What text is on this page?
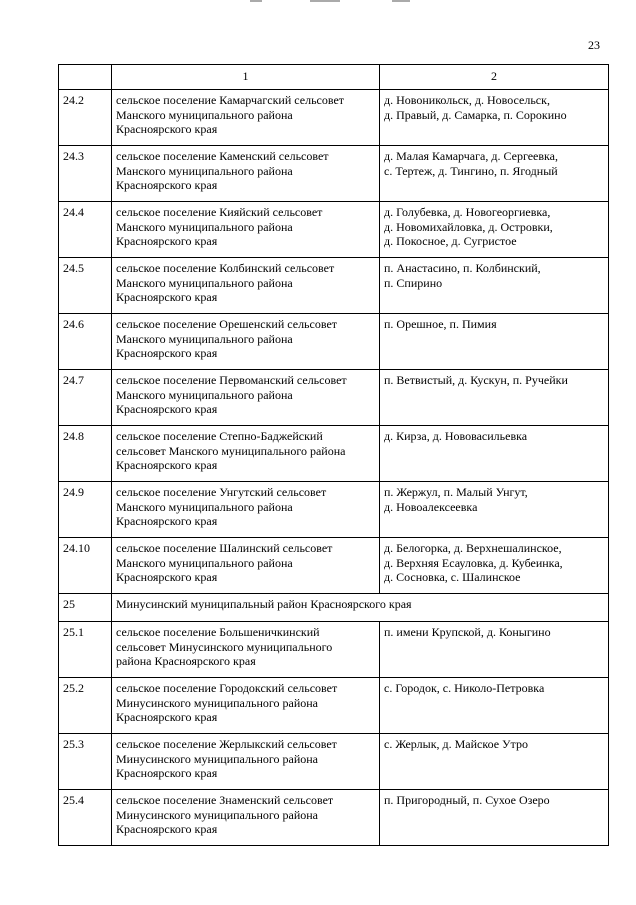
23
	1	2
24.2	сельское поселение Камарчагский сельсовет
Манского муниципального района
Красноярского края	д. Новоникольск, д. Новосельск,
д. Правый, д. Самарка, п. Сорокино

24.3	сельское поселение Каменский сельсовет
Манского муниципального района
Красноярского края	д. Малая Камарчага, д. Сергеевка,
с. Тертеж, д. Тингино, п. Ягодный

24.4	сельское поселение Кияйский сельсовет
Манского муниципального района
Красноярского края	д. Голубевка, д. Новогеоргиевка,
д. Новомихайловка, д. Островки,
д. Покосное, д. Сугристое

24.5	сельское поселение Колбинский сельсовет
Манского муниципального района
Красноярского края	п. Анастасино, п. Колбинский,
п. Спирино

24.6	сельское поселение Орешенский сельсовет
Манского муниципального района
Красноярского края	п. Орешное, п. Пимия

24.7	сельское поселение Первоманский сельсовет
Манского муниципального района
Красноярского края	п. Ветвистый, д. Кускун, п. Ручейки

24.8	сельское поселение Степно-Баджейский
сельсовет Манского муниципального района
Красноярского края	д. Кирза, д. Нововасильевка

24.9	сельское поселение Унгутский сельсовет
Манского муниципального района
Красноярского края	п. Жержул, п. Малый Унгут,
д. Новоалексеевка

24.10	сельское поселение Шалинский сельсовет
Манского муниципального района
Красноярского края	д. Белогорка, д. Верхнешалинское,
д. Верхняя Есауловка, д. Кубеинка,
д. Сосновка, с. Шалинское

25	Минусинский муниципальный район Красноярского края	
25.1	сельское поселение Большеничкинский
сельсовет Минусинского муниципального
района Красноярского края	п. имени Крупской, д. Коныгино

25.2	сельское поселение Городокский сельсовет
Минусинского муниципального района
Красноярского края	с. Городок, с. Николо-Петровка

25.3	сельское поселение Жерлыкский сельсовет
Минусинского муниципального района
Красноярского края	с. Жерлык, д. Майское Утро

25.4	сельское поселение Знаменский сельсовет
Минусинского муниципального района
Красноярского края	п. Пригородный, п. Сухое Озеро
